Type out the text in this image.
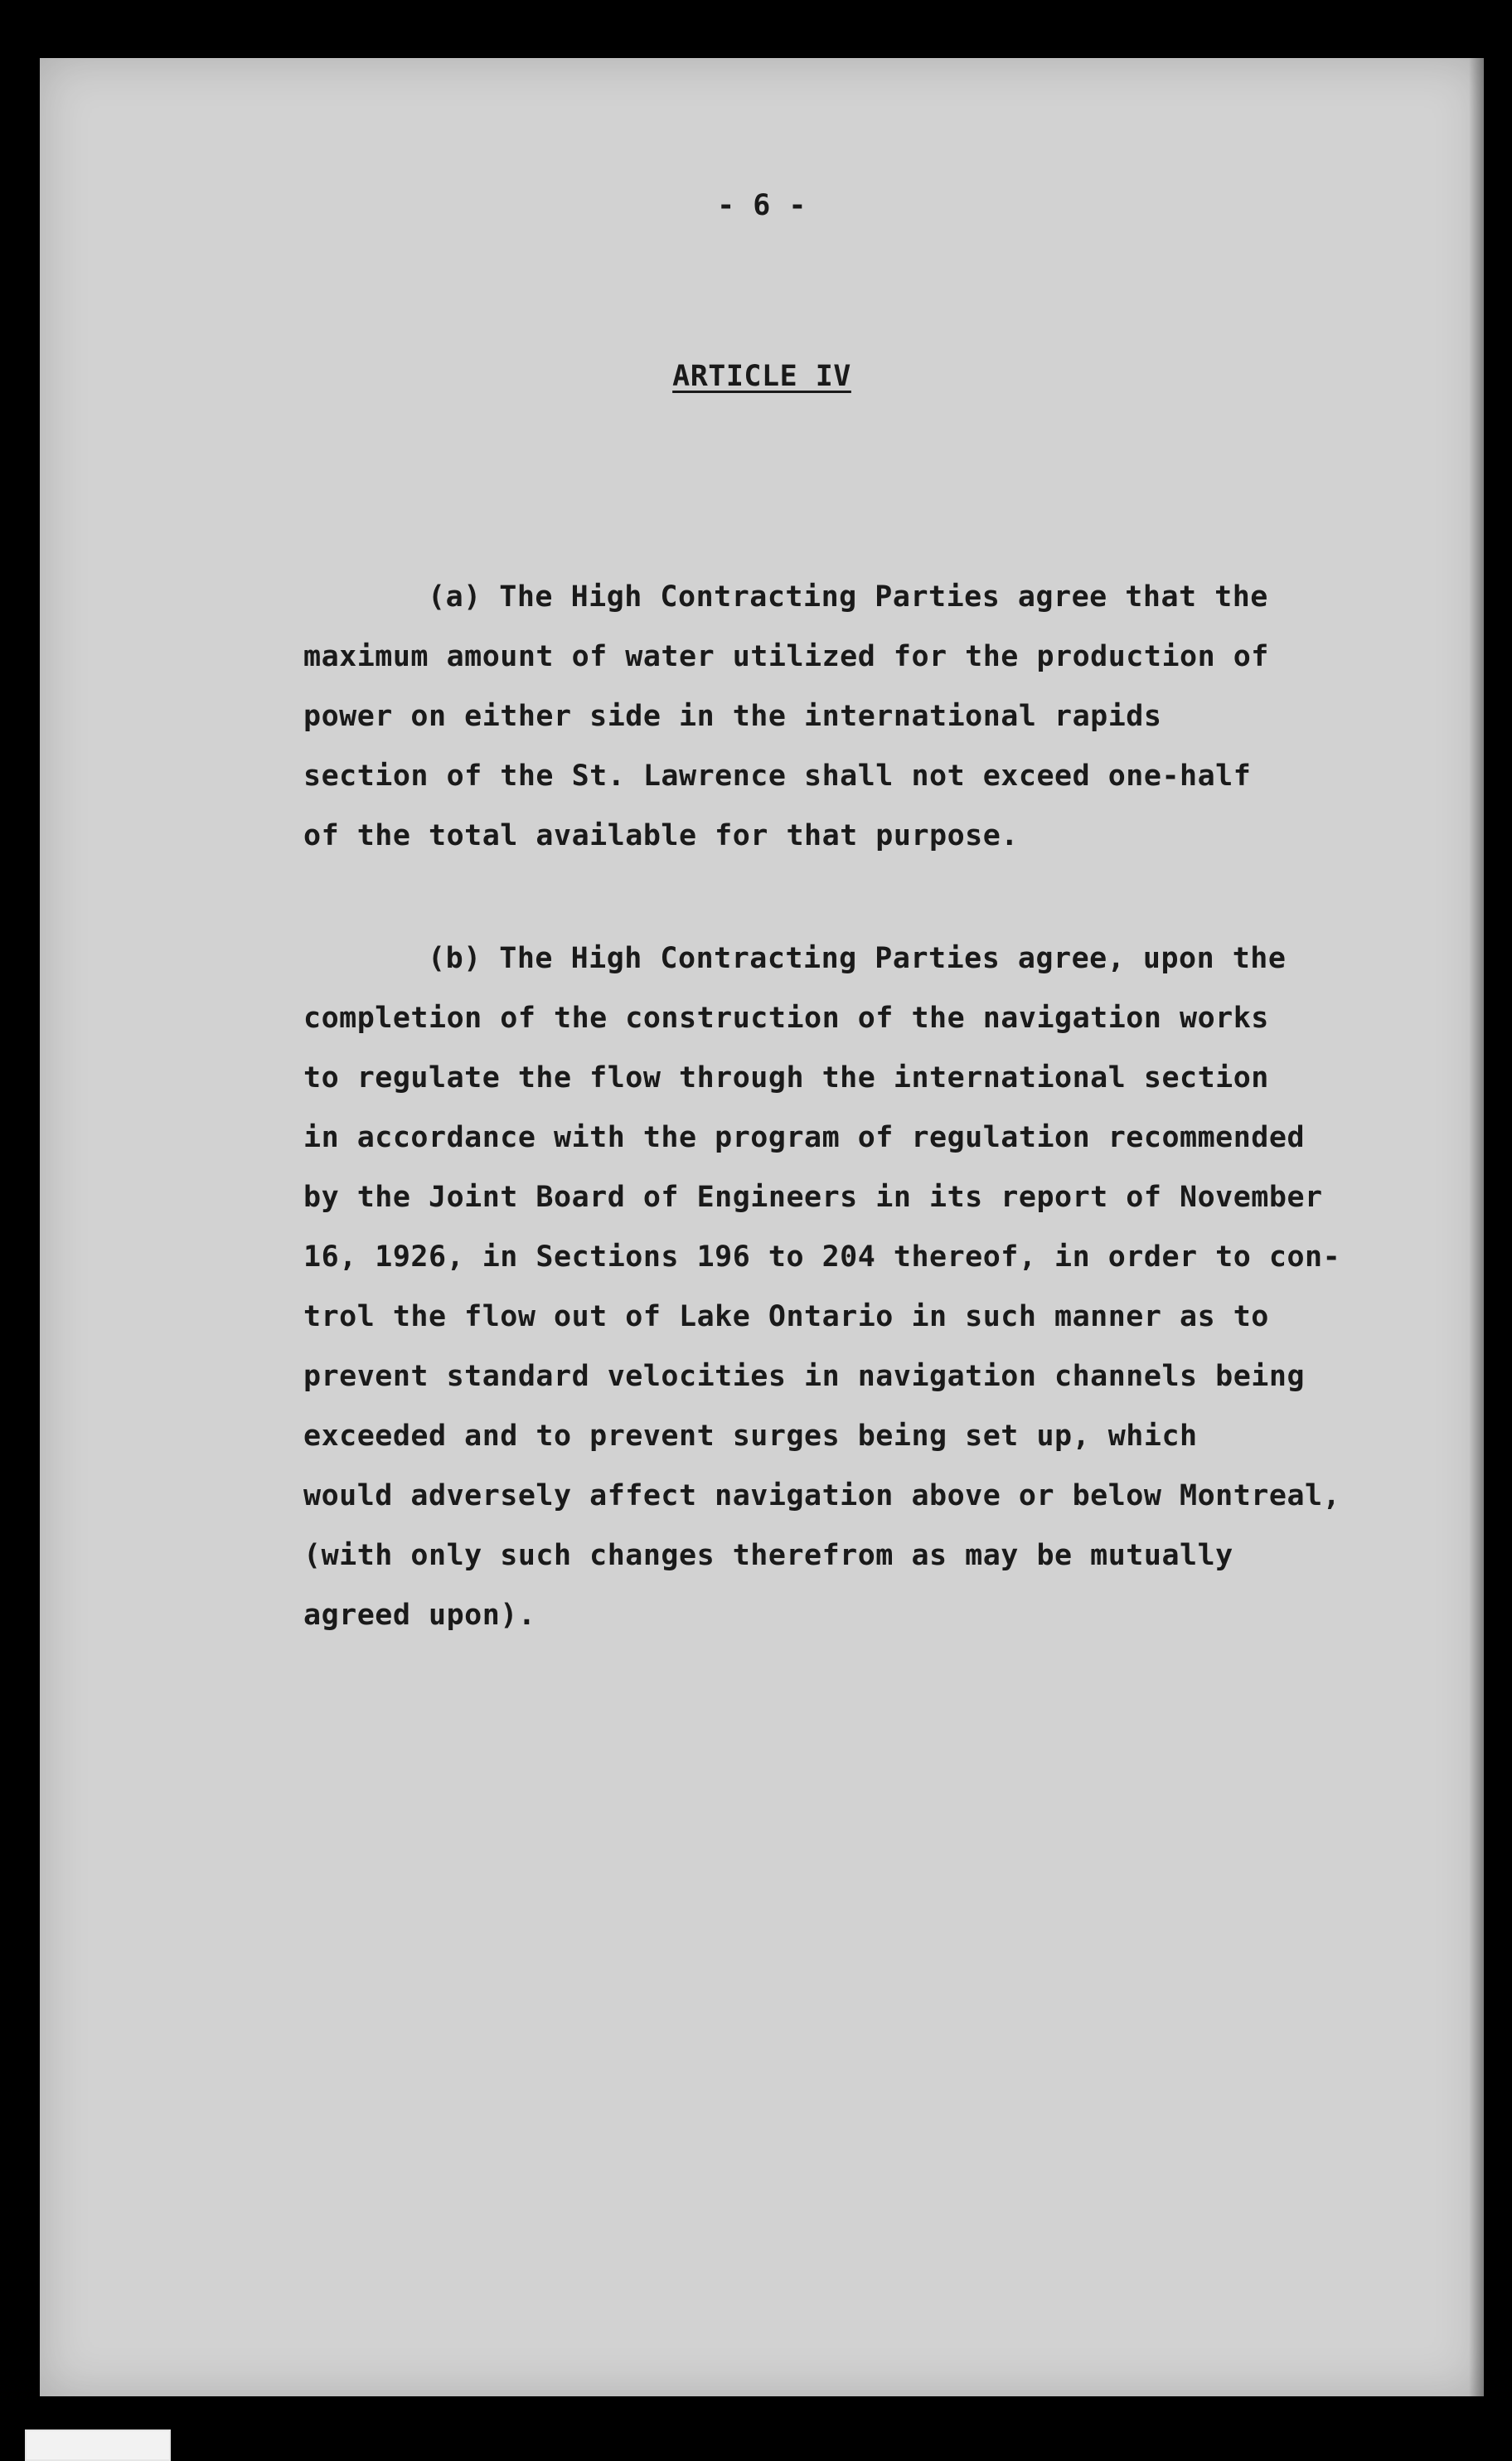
- 6 -
ARTICLE IV

(a) The High Contracting Parties agree that the
maximum amount of water utilized for the production of
power on either side in the international rapids
section of the St. Lawrence shall not exceed one-half
of the total available for that purpose.

(b) The High Contracting Parties agree, upon the
completion of the construction of the navigation works
to regulate the flow through the international section
in accordance with the program of regulation recommended
by the Joint Board of Engineers in its report of November
16, 1926, in Sections 196 to 204 thereof, in order to con-
trol the flow out of Lake Ontario in such manner as to
prevent standard velocities in navigation channels being
exceeded and to prevent surges being set up, which
would adversely affect navigation above or below Montreal,
(with only such changes therefrom as may be mutually
agreed upon).
